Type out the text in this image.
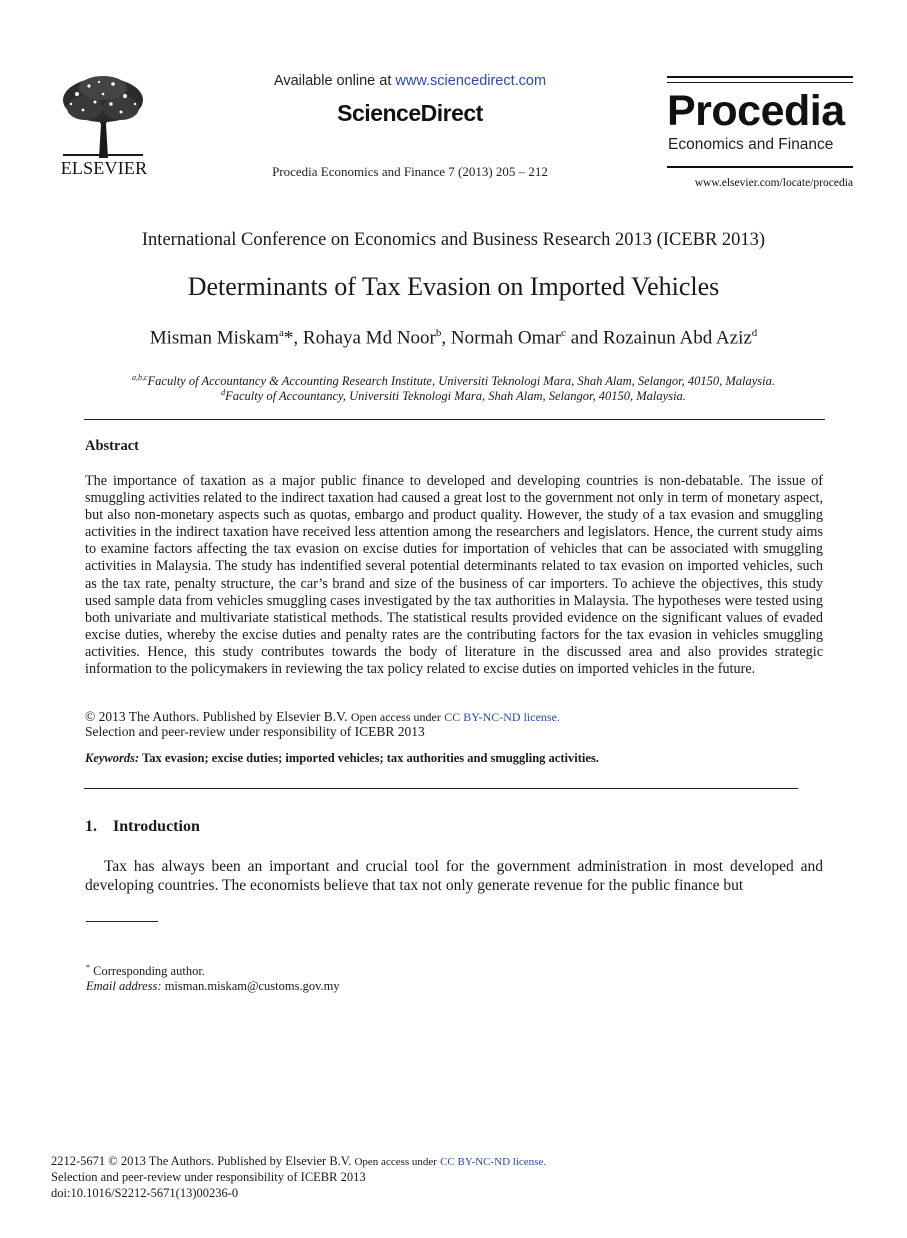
ELSEVIER
Available online at www.sciencedirect.com
ScienceDirect
Procedia Economics and Finance 7 (2013) 205 – 212
Procedia
Economics and Finance
www.elsevier.com/locate/procedia
International Conference on Economics and Business Research 2013 (ICEBR 2013)
Determinants of Tax Evasion on Imported Vehicles
Misman Miskam$^a$*, Rohaya Md Noor$^b$, Normah Omar$^c$ and Rozainun Abd Aziz$^d$
$^{a,b,c}$Faculty of Accountancy & Accounting Research Institute, Universiti Teknologi Mara, Shah Alam, Selangor, 40150, Malaysia.
$^d$Faculty of Accountancy, Universiti Teknologi Mara, Shah Alam, Selangor, 40150, Malaysia.
Abstract
The importance of taxation as a major public finance to developed and developing countries is non-debatable. The issue of smuggling activities related to the indirect taxation had caused a great lost to the government not only in term of monetary aspect, but also non-monetary aspects such as quotas, embargo and product quality. However, the study of a tax evasion and smuggling activities in the indirect taxation have received less attention among the researchers and legislators. Hence, the current study aims to examine factors affecting the tax evasion on excise duties for importation of vehicles that can be associated with smuggling activities in Malaysia. The study has indentified several potential determinants related to tax evasion on imported vehicles, such as the tax rate, penalty structure, the car’s brand and size of the business of car importers. To achieve the objectives, this study used sample data from vehicles smuggling cases investigated by the tax authorities in Malaysia. The hypotheses were tested using both univariate and multivariate statistical methods. The statistical results provided evidence on the significant values of evaded excise duties, whereby the excise duties and penalty rates are the contributing factors for the tax evasion in vehicles smuggling activities. Hence, this study contributes towards the body of literature in the discussed area and also provides strategic information to the policymakers in reviewing the tax policy related to excise duties on imported vehicles in the future.
© 2013 The Authors. Published by Elsevier B.V. Open access under CC BY-NC-ND license.
Selection and peer-review under responsibility of ICEBR 2013
Keywords: Tax evasion; excise duties; imported vehicles; tax authorities and smuggling activities.
1. Introduction
Tax has always been an important and crucial tool for the government administration in most developed and developing countries. The economists believe that tax not only generate revenue for the public finance but
* Corresponding author.
Email address: misman.miskam@customs.gov.my
2212-5671 © 2013 The Authors. Published by Elsevier B.V. Open access under CC BY-NC-ND license.
Selection and peer-review under responsibility of ICEBR 2013
doi:10.1016/S2212-5671(13)00236-0
